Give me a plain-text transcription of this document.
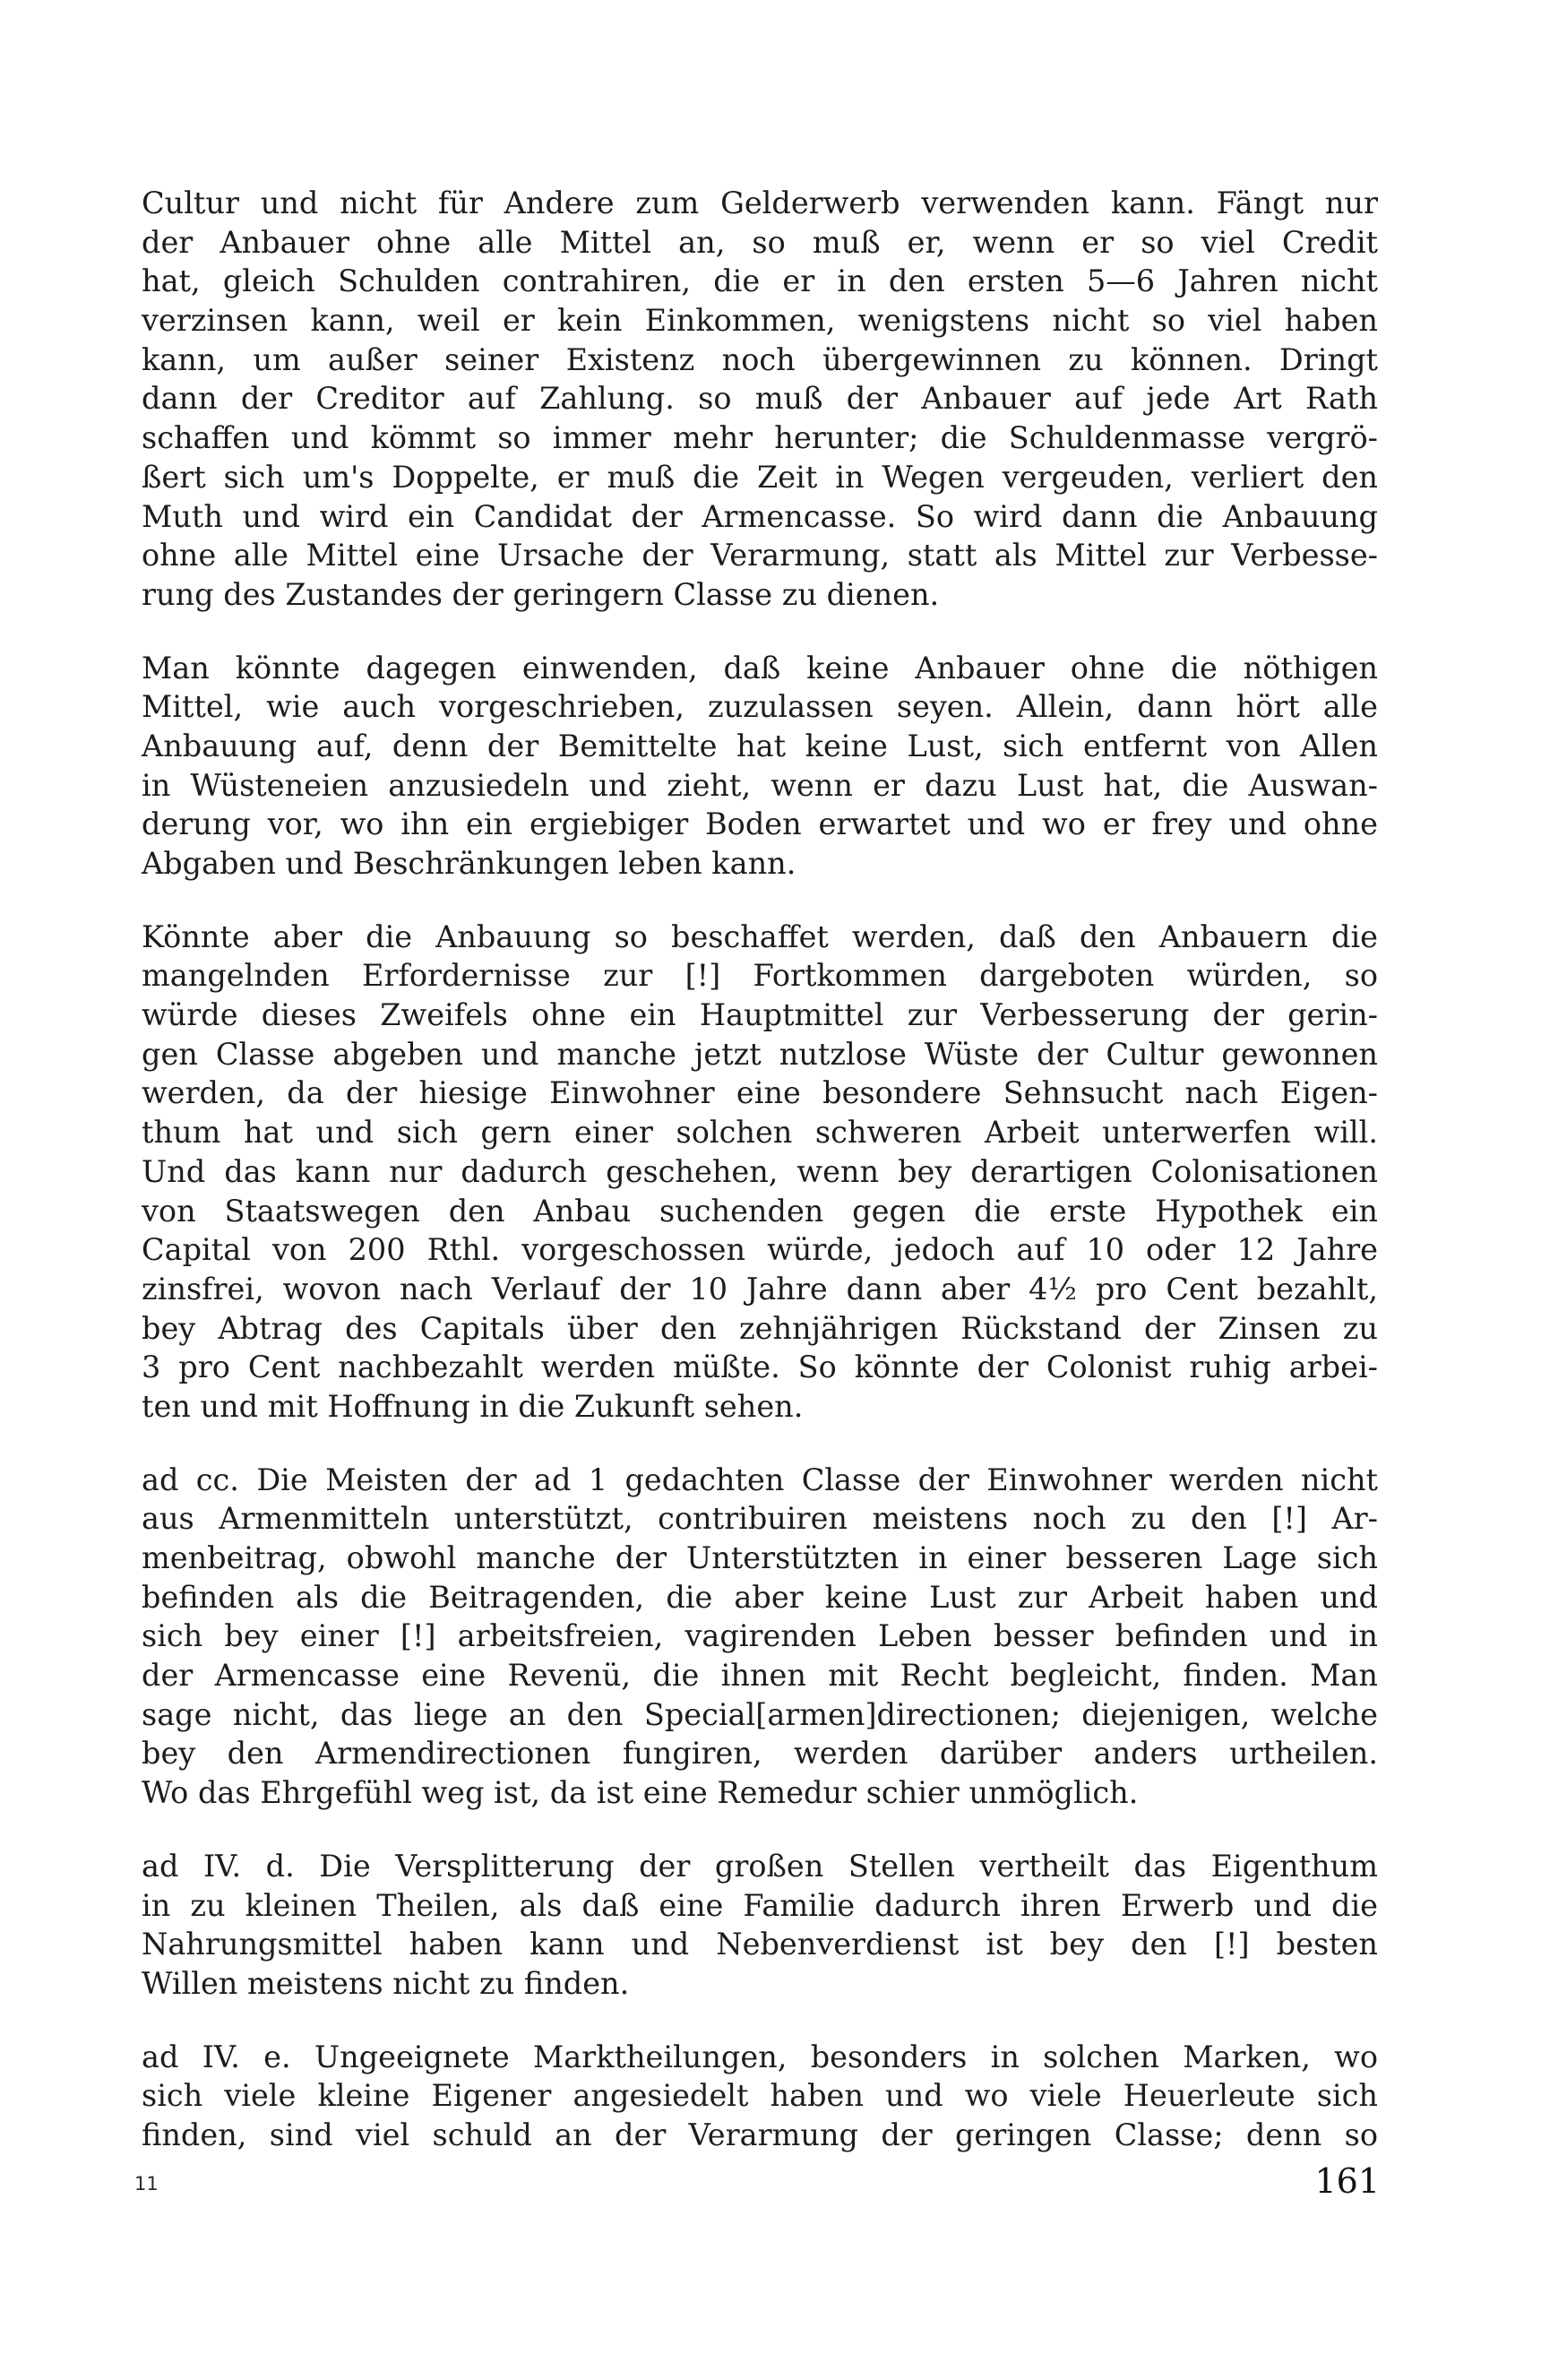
Cultur und nicht für Andere zum Gelderwerb verwenden kann. Fängt nur
der Anbauer ohne alle Mittel an, so muß er, wenn er so viel Credit
hat, gleich Schulden contrahiren, die er in den ersten 5—6 Jahren nicht
verzinsen kann, weil er kein Einkommen, wenigstens nicht so viel haben
kann, um außer seiner Existenz noch übergewinnen zu können. Dringt
dann der Creditor auf Zahlung. so muß der Anbauer auf jede Art Rath
schaffen und kömmt so immer mehr herunter; die Schuldenmasse vergrö-
ßert sich um's Doppelte, er muß die Zeit in Wegen vergeuden, verliert den
Muth und wird ein Candidat der Armencasse. So wird dann die Anbauung
ohne alle Mittel eine Ursache der Verarmung, statt als Mittel zur Verbesse-
rung des Zustandes der geringern Classe zu dienen.
Man könnte dagegen einwenden, daß keine Anbauer ohne die nöthigen
Mittel, wie auch vorgeschrieben, zuzulassen seyen. Allein, dann hört alle
Anbauung auf, denn der Bemittelte hat keine Lust, sich entfernt von Allen
in Wüsteneien anzusiedeln und zieht, wenn er dazu Lust hat, die Auswan-
derung vor, wo ihn ein ergiebiger Boden erwartet und wo er frey und ohne
Abgaben und Beschränkungen leben kann.
Könnte aber die Anbauung so beschaffet werden, daß den Anbauern die
mangelnden Erfordernisse zur [!] Fortkommen dargeboten würden, so
würde dieses Zweifels ohne ein Hauptmittel zur Verbesserung der gerin-
gen Classe abgeben und manche jetzt nutzlose Wüste der Cultur gewonnen
werden, da der hiesige Einwohner eine besondere Sehnsucht nach Eigen-
thum hat und sich gern einer solchen schweren Arbeit unterwerfen will.
Und das kann nur dadurch geschehen, wenn bey derartigen Colonisationen
von Staatswegen den Anbau suchenden gegen die erste Hypothek ein
Capital von 200 Rthl. vorgeschossen würde, jedoch auf 10 oder 12 Jahre
zinsfrei, wovon nach Verlauf der 10 Jahre dann aber 4½ pro Cent bezahlt,
bey Abtrag des Capitals über den zehnjährigen Rückstand der Zinsen zu
3 pro Cent nachbezahlt werden müßte. So könnte der Colonist ruhig arbei-
ten und mit Hoffnung in die Zukunft sehen.
ad cc. Die Meisten der ad 1 gedachten Classe der Einwohner werden nicht
aus Armenmitteln unterstützt, contribuiren meistens noch zu den [!] Ar-
menbeitrag, obwohl manche der Unterstützten in einer besseren Lage sich
befinden als die Beitragenden, die aber keine Lust zur Arbeit haben und
sich bey einer [!] arbeitsfreien, vagirenden Leben besser befinden und in
der Armencasse eine Revenü, die ihnen mit Recht begleicht, finden. Man
sage nicht, das liege an den Special[armen]directionen; diejenigen, welche
bey den Armendirectionen fungiren, werden darüber anders urtheilen.
Wo das Ehrgefühl weg ist, da ist eine Remedur schier unmöglich.
ad IV. d. Die Versplitterung der großen Stellen vertheilt das Eigenthum
in zu kleinen Theilen, als daß eine Familie dadurch ihren Erwerb und die
Nahrungsmittel haben kann und Nebenverdienst ist bey den [!] besten
Willen meistens nicht zu finden.
ad IV. e. Ungeeignete Marktheilungen, besonders in solchen Marken, wo
sich viele kleine Eigener angesiedelt haben und wo viele Heuerleute sich
finden, sind viel schuld an der Verarmung der geringen Classe; denn so
11	161
